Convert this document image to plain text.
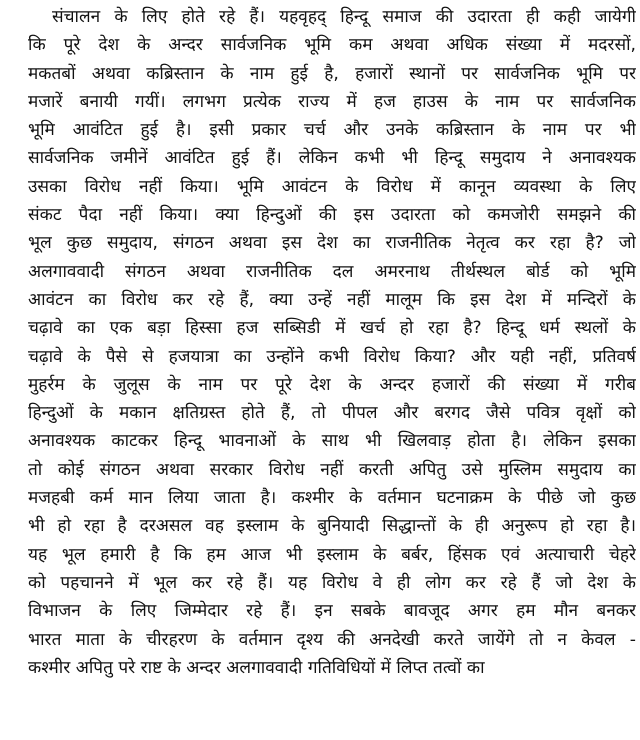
संचालन के लिए होते रहे हैं। यहवृहद् हिन्दू समाज की उदारता ही कही जायेगी
कि पूरे देश के अन्दर सार्वजनिक भूमि कम अथवा अधिक संख्या में मदरसों,
मकतबों अथवा कब्रिस्तान के नाम हुई है, हजारों स्थानों पर सार्वजनिक भूमि पर
मजारें बनायी गयीं। लगभग प्रत्येक राज्य में हज हाउस के नाम पर सार्वजनिक
भूमि आवंटित हुई है। इसी प्रकार चर्च और उनके कब्रिस्तान के नाम पर भी
सार्वजनिक जमीनें आवंटित हुई हैं। लेकिन कभी भी हिन्दू समुदाय ने अनावश्यक
उसका विरोध नहीं किया। भूमि आवंटन के विरोध में कानून व्यवस्था के लिए
संकट पैदा नहीं किया। क्या हिन्दुओं की इस उदारता को कमजोरी समझने की
भूल कुछ समुदाय, संगठन अथवा इस देश का राजनीतिक नेतृत्व कर रहा है? जो
अलगाववादी संगठन अथवा राजनीतिक दल अमरनाथ तीर्थस्थल बोर्ड को भूमि
आवंटन का विरोध कर रहे हैं, क्या उन्हें नहीं मालूम कि इस देश में मन्दिरों के
चढ़ावे का एक बड़ा हिस्सा हज सब्सिडी में खर्च हो रहा है? हिन्दू धर्म स्थलों के
चढ़ावे के पैसे से हजयात्रा का उन्होंने कभी विरोध किया? और यही नहीं, प्रतिवर्ष
मुहर्रम के जुलूस के नाम पर पूरे देश के अन्दर हजारों की संख्या में गरीब
हिन्दुओं के मकान क्षतिग्रस्त होते हैं, तो पीपल और बरगद जैसे पवित्र वृक्षों को
अनावश्यक काटकर हिन्दू भावनाओं के साथ भी खिलवाड़ होता है। लेकिन इसका
तो कोई संगठन अथवा सरकार विरोध नहीं करती अपितु उसे मुस्लिम समुदाय का
मजहबी कर्म मान लिया जाता है। कश्मीर के वर्तमान घटनाक्रम के पीछे जो कुछ
भी हो रहा है दरअसल वह इस्लाम के बुनियादी सिद्धान्तों के ही अनुरूप हो रहा है।
यह भूल हमारी है कि हम आज भी इस्लाम के बर्बर, हिंसक एवं अत्याचारी चेहरे
को पहचानने में भूल कर रहे हैं। यह विरोध वे ही लोग कर रहे हैं जो देश के
विभाजन के लिए जिम्मेदार रहे हैं। इन सबके बावजूद अगर हम मौन बनकर
भारत माता के चीरहरण के वर्तमान दृश्य की अनदेखी करते जायेंगे तो न केवल -
कश्मीर अपितु परे राष्ट के अन्दर अलगाववादी गतिविधियों में लिप्त तत्वों का
